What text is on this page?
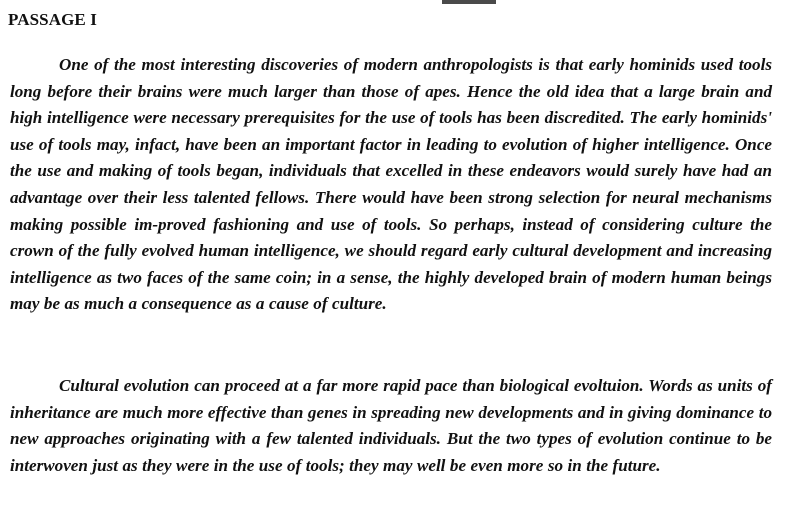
PASSAGE I

One of the most interesting discoveries of modern anthropologists is that early hominids used tools long before their brains were much larger than those of apes. Hence the old idea that a large brain and high intelligence were necessary prerequisites for the use of tools has been discredited. The early hominids' use of tools may, infact, have been an important factor in leading to evolution of higher intelligence. Once the use and making of tools began, individuals that excelled in these endeavors would surely have had an advantage over their less talented fellows. There would have been strong selection for neural mechanisms making possible im-proved fashioning and use of tools. So perhaps, instead of considering culture the crown of the fully evolved human intelligence, we should regard early cultural development and increasing intelligence as two faces of the same coin; in a sense, the highly developed brain of modern human beings may be as much a consequence as a cause of culture.

Cultural evolution can proceed at a far more rapid pace than biological evoltuion. Words as units of inheritance are much more effective than genes in spreading new developments and in giving dominance to new approaches originating with a few talented individuals. But the two types of evolution continue to be interwoven just as they were in the use of tools; they may well be even more so in the future.
